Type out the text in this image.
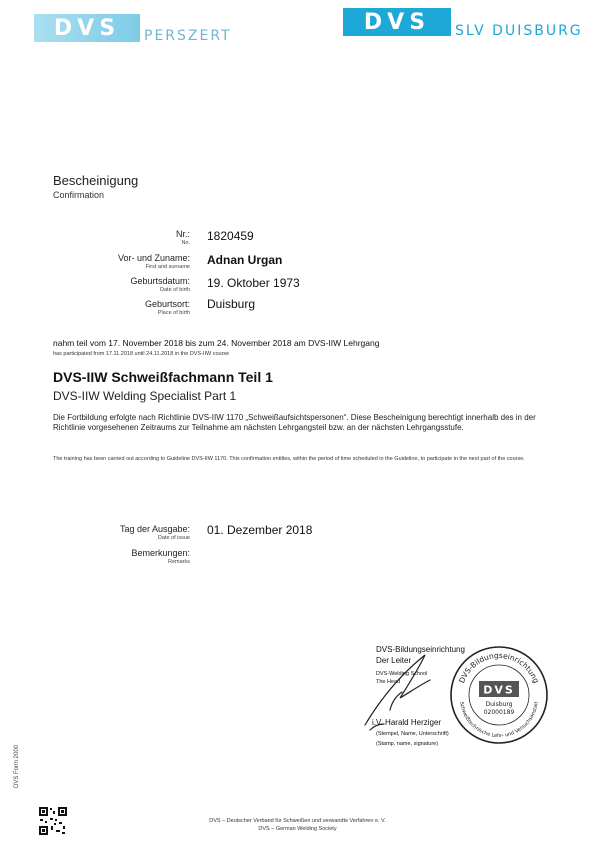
DVS	PERSZERT
DVS	SLV DUISBURG
Bescheinigung
Confirmation
Nr.:
No. 1820459
Vor- und Zuname:
First and surname Adnan Urgan
Geburtsdatum:
Date of birth 19. Oktober 1973
Geburtsort:
Place of birth
Duisburg
nahm teil vom 17. November 2018 bis zum 24. November 2018 am DVS-IIW Lehrgang
has participated from 17.11.2018 until 24.11.2018 in the DVS-IIW course
DVS-IIW Schweißfachmann Teil 1
DVS-IIW Welding Specialist Part 1
Die Fortbildung erfolgte nach Richtlinie DVS-IIW 1170 „Schweißaufsichtspersonen“. Diese Bescheinigung berechtigt innerhalb des in der Richtlinie vorgesehenen Zeitraums zur Teilnahme am nächsten Lehrgangsteil bzw. an der nächsten Lehrgangsstufe.
The training has been carried out according to Guideline DVS-IIW 1170. This confirmation entitles, within the period of time scheduled in the Guideline, to participate in the next part of the course.
Tag der Ausgabe:
Date of issue
01. Dezember 2018
Bemerkungen:
Remarks
DVS-Bildungseinrichtung
Der Leiter
DVS-Welding School
The Head
i.V. Harald Herziger
(Stempel, Name, Unterschrift)
(Stamp, name, signature)
DVS-Bildungseinrichtung
Schweißtechnische Lehr- und Versuchsanstalt
DVS
Duisburg
02000189
DVS Form 2000
DVS – Deutscher Verband für Schweißen und verwandte Verfahren e. V.
DVS – German Welding Society
